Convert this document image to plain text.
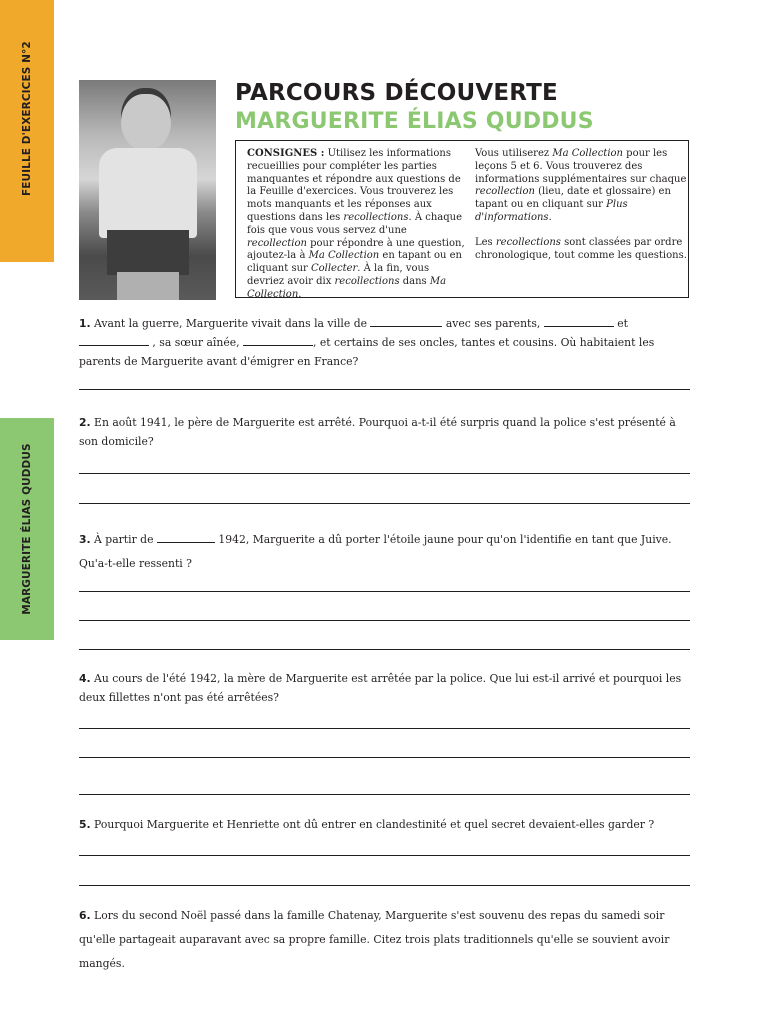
FEUILLE D'EXERCICES N°2
MARGUERITE ÉLIAS QUDDUS
PARCOURS DÉCOUVERTE
MARGUERITE ÉLIAS QUDDUS

CONSIGNES : Utilisez les informations recueillies pour compléter les parties manquantes et répondre aux questions de la Feuille d'exercices. Vous trouverez les mots manquants et les réponses aux questions dans les recollections. À chaque fois que vous vous servez d'une recollection pour répondre à une question, ajoutez-la à Ma Collection en tapant ou en cliquant sur Collecter. À la fin, vous devriez avoir dix recollections dans Ma Collection.

Vous utiliserez Ma Collection pour les leçons 5 et 6. Vous trouverez des informations supplémentaires sur chaque recollection (lieu, date et glossaire) en tapant ou en cliquant sur Plus d'informations.

Les recollections sont classées par ordre chronologique, tout comme les questions.

1. Avant la guerre, Marguerite vivait dans la ville de	avec ses parents,	et  , sa sœur aînée,	, et certains de ses oncles, tantes et cousins. Où habitaient les parents de Marguerite avant d'émigrer en France?
2. En août 1941, le père de Marguerite est arrêté. Pourquoi a-t-il été surpris quand la police s'est présenté à son domicile?
3. À partir de	1942, Marguerite a dû porter l'étoile jaune pour qu'on l'identifie en tant que Juive. Qu'a-t-elle ressenti ?
4. Au cours de l'été 1942, la mère de Marguerite est arrêtée par la police. Que lui est-il arrivé et pourquoi les deux fillettes n'ont pas été arrêtées?
5. Pourquoi Marguerite et Henriette ont dû entrer en clandestinité et quel secret devaient-elles garder ?
6. Lors du second Noël passé dans la famille Chatenay, Marguerite s'est souvenu des repas du samedi soir qu'elle partageait auparavant avec sa propre famille. Citez trois plats traditionnels qu'elle se souvient avoir mangés.
